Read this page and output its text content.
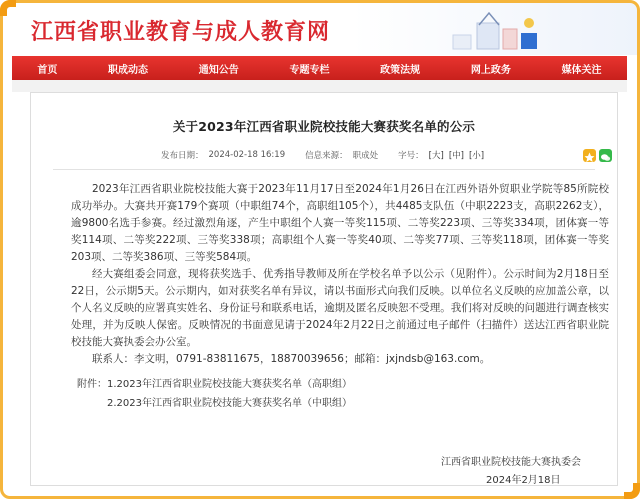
江西省职业教育与成人教育网
首页	职成动态	通知公告	专题专栏	政策法规	网上政务	媒体关注
关于2023年江西省职业院校技能大赛获奖名单的公示
发布日期： 2024-02-18 16:19 信息来源： 职成处 字号： [大] [中] [小]

2023年江西省职业院校技能大赛于2023年11月17日至2024年1月26日在江西外语外贸职业学院等85所院校成功举办。大赛共开赛179个赛项（中职组74个，高职组105个），共4485支队伍（中职2223支，高职2262支），逾9800名选手参赛。经过激烈角逐，产生中职组个人赛一等奖115项、二等奖223项、三等奖334项，团体赛一等奖114项、二等奖222项、三等奖338项；高职组个人赛一等奖40项、二等奖77项、三等奖118项，团体赛一等奖203项、二等奖386项、三等奖584项。

经大赛组委会同意，现将获奖选手、优秀指导教师及所在学校名单予以公示（见附件）。公示时间为2月18日至22日，公示期5天。公示期内，如对获奖名单有异议，请以书面形式向我们反映。以单位名义反映的应加盖公章，以个人名义反映的应署真实姓名、身份证号和联系电话，逾期及匿名反映恕不受理。我们将对反映的问题进行调查核实处理，并为反映人保密。反映情况的书面意见请于2024年2月22日之前通过电子邮件（扫描件）送达江西省职业院校技能大赛执委会办公室。

联系人：李文明，0791-83811675，18870039656；邮箱：jxjndsb@163.com。

附件：1.2023年江西省职业院校技能大赛获奖名单（高职组）
2.2023年江西省职业院校技能大赛获奖名单（中职组）
江西省职业院校技能大赛执委会
2024年2月18日
